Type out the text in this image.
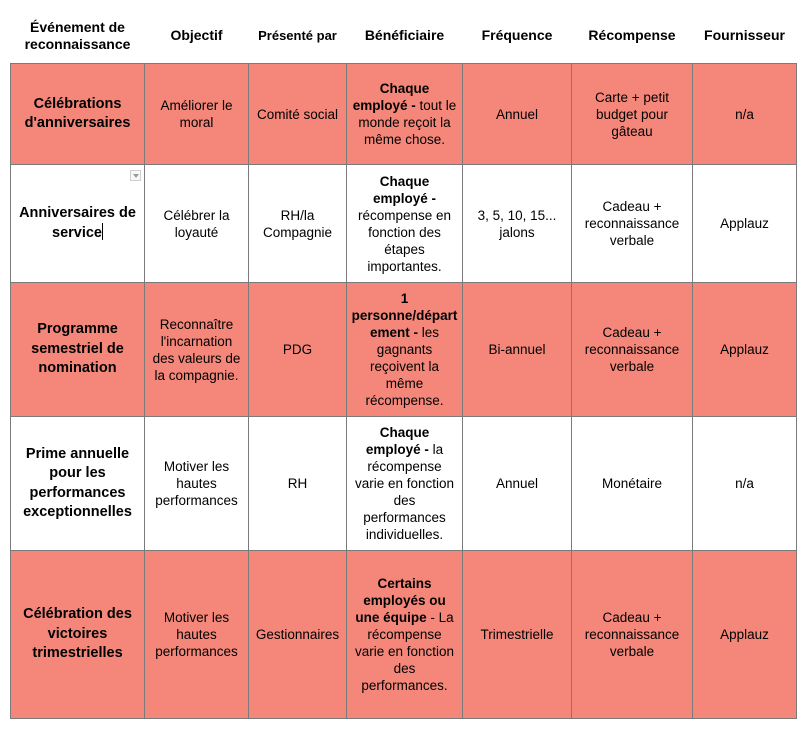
Événement de reconnaissance	Objectif	Présenté par	Bénéficiaire	Fréquence	Récompense	Fournisseur
Célébrations d'anniversaires	Améliorer le moral	Comité social	Chaque employé - tout le monde reçoit la même chose.	Annuel	Carte + petit budget pour gâteau	n/a

Anniversaires de service	Célébrer la loyauté	RH/la Compagnie	Chaque employé - récompense en fonction des étapes importantes.	3, 5, 10, 15... jalons	Cadeau + reconnaissance verbale	Applauz
Programme semestriel de nomination	Reconnaître l'incarnation des valeurs de la compagnie.	PDG	1 personne/département - les gagnants reçoivent la même récompense.	Bi-annuel	Cadeau + reconnaissance verbale	Applauz
Prime annuelle pour les performances exceptionnelles	Motiver les hautes performances	RH	Chaque employé - la récompense varie en fonction des performances individuelles.	Annuel	Monétaire	n/a
Célébration des victoires trimestrielles	Motiver les hautes performances	Gestionnaires	Certains employés ou une équipe - La récompense varie en fonction des performances.	Trimestrielle	Cadeau + reconnaissance verbale	Applauz
